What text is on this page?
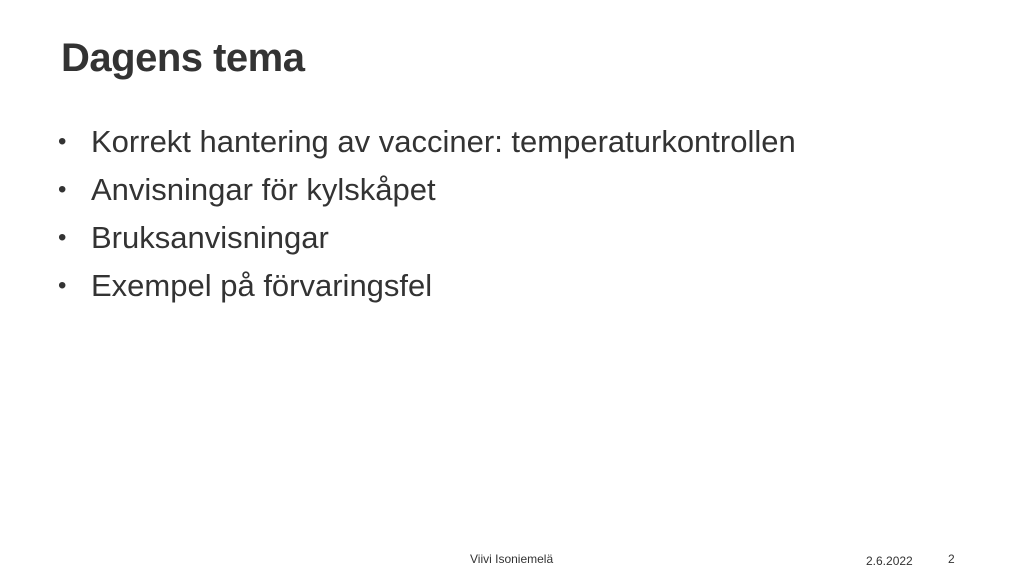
Dagens tema
• Korrekt hantering av vacciner: temperaturkontrollen
• Anvisningar för kylskåpet
• Bruksanvisningar
• Exempel på förvaringsfel
Viivi Isoniemelä	2.6.2022	2
